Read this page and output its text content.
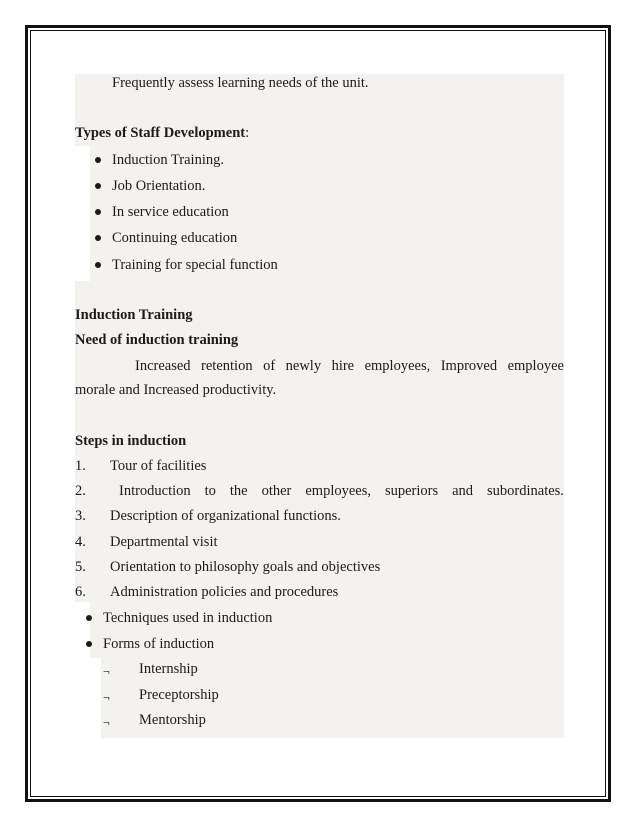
Frequently assess learning needs of the unit.
Types of Staff Development:
Induction Training.
Job Orientation.
In service education
Continuing education
Training for special function
Induction Training
Need of induction training
Increased retention of newly hire employees, Improved employee
morale and Increased productivity.
Steps in induction
1. Tour of facilities
2. Introduction to the other employees, superiors and subordinates.
3. Description of organizational functions.
4. Departmental visit
5. Orientation to philosophy goals and objectives
6. Administration policies and procedures
Techniques used in induction
Forms of induction
¬ Internship
¬ Preceptorship
¬ Mentorship
